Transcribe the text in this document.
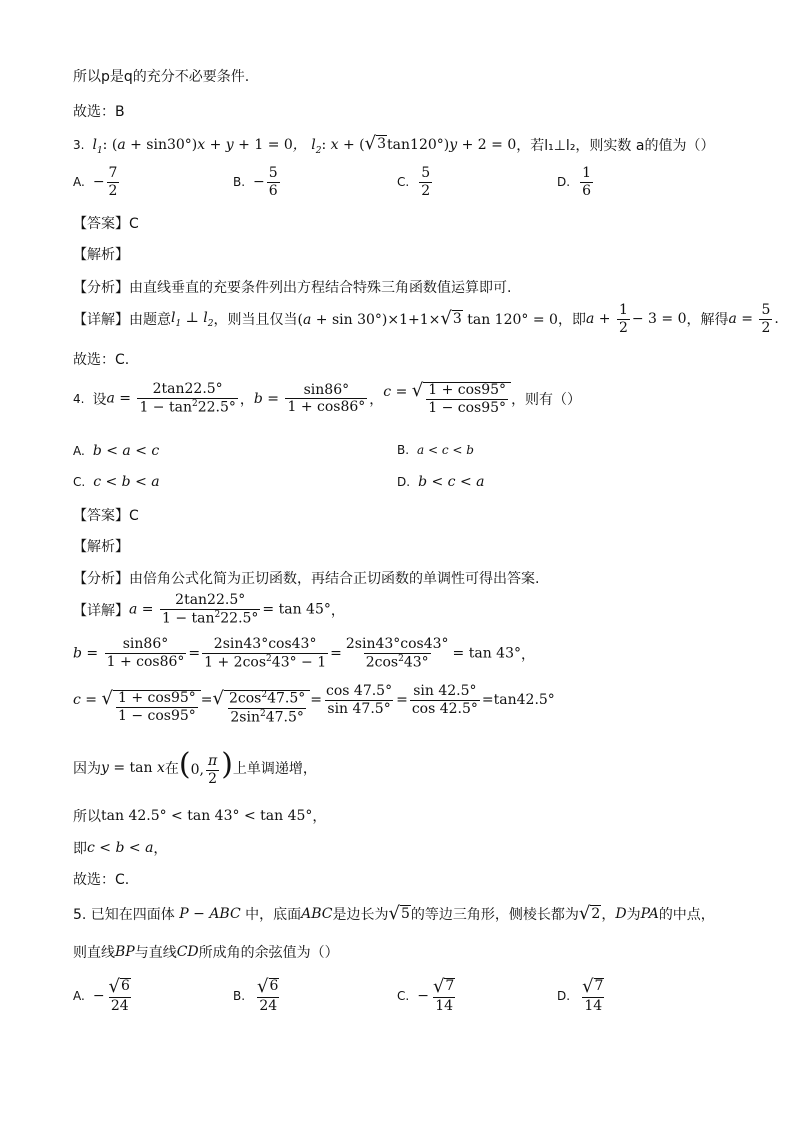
所以p是q的充分不必要条件.
故选：B
3. $l_1$: (a + sin30°)x + y + 1 = 0， $l_2$: x + ( √ 3 tan120°)y + 2 = 0 ，若l₁⊥l₂，则实数 a的值为（）
A. − $\frac{7}{2}$	B. − $\frac{5}{6}$	C. $\frac{5}{2}$	D. $\frac{1}{6}$
【答案】C
【解析】
【分析】由直线垂直的充要条件列出方程结合特殊三角函数值运算即可.
【详解】由题意 $l_1$ ⊥ $l_2$ ，则当且仅当 (a + sin 30°)×1+1× √ 3 tan 120° = 0 ，即 $a + \frac{1}{2} - 3 = 0$ ，解得 $a = \frac{5}{2}$ .
故选：C.
4. 设 $a = \frac{2\tan 22.5^\circ}{1 - \tan^222.5^\circ}$ ， $b = \frac{\sin 86^\circ}{1 + \cos 86^\circ}$ ， c = √ $\frac{1 + \cos 95^\circ}{1 - \cos 95^\circ}$ ，则有（）
A. b < a < c	B. a < c < b
C. c < b < a	D. b < c < a
【答案】C
【解析】
【分析】由倍角公式化简为正切函数，再结合正切函数的单调性可得出答案.
【详解】 $a = \frac{2\tan 22.5^\circ}{1 - \tan^222.5^\circ} = \tan 45^\circ$ ，
$b = \frac{\sin 86^\circ}{1 + \cos 86^\circ} = \frac{2\sin 43^\circ\cos 43^\circ}{1 + 2\cos^243^\circ - 1} = \frac{2\sin 43^\circ\cos 43^\circ}{2\cos^243^\circ} = \tan 43^\circ$ ，
c = √ $\frac{1 + \cos 95^\circ}{1 - \cos 95^\circ}$ = √ $\frac{2\cos^247.5^\circ}{2\sin^247.5^\circ} = \frac{\cos 47.5^\circ}{\sin 47.5^\circ} = \frac{\sin 42.5^\circ}{\cos 42.5^\circ} =\tan 42.5^\circ$
因为 y = tan x 在 (0, $\frac{\pi}{2}$ ) 上单调递增，
所以 tan 42.5° < tan 43° < tan 45° ，
即 c < b < a ，
故选：C.
5. 已知在四面体 P − ABC 中，底面 ABC 是边长为 √ 5 的等边三角形，侧棱长都为 √ 2 ， D 为 PA 的中点，
则直线 BP 与直线 CD 所成角的余弦值为（）
A. − $\frac{√ 6}{24}$	B. $\frac{√ 6}{24}$	C. − $\frac{√ 7}{14}$	D. $\frac{√ 7}{14}$
